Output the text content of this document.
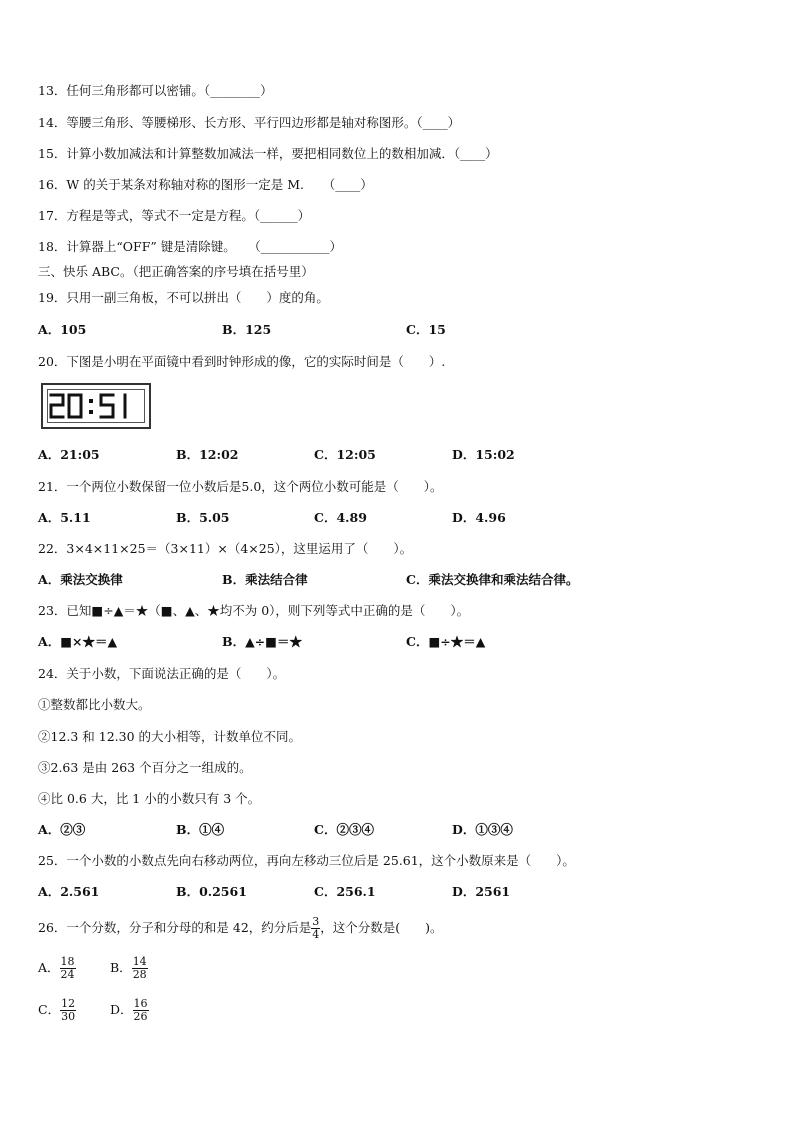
13．任何三角形都可以密铺。（________）
14．等腰三角形、等腰梯形、长方形、平行四边形都是轴对称图形。（____）
15．计算小数加减法和计算整数加减法一样，要把相同数位上的数相加减．（____）
16．W 的关于某条对称轴对称的图形一定是 M.　　（____）
17．方程是等式，等式不一定是方程。（______）
18．计算器上“OFF” 键是清除键。　　（___________）
三、快乐 ABC。（把正确答案的序号填在括号里）
19．只用一副三角板，不可以拼出（　　）度的角。
A．105	B．125	C．15
20．下图是小明在平面镜中看到时钟形成的像，它的实际时间是（　　）.
A．21:05	B．12:02	C．12:05	D．15:02
21．一个两位小数保留一位小数后是5.0，这个两位小数可能是（　　）。
A．5.11	B．5.05	C．4.89	D．4.96
22．3×4×11×25＝（3×11）×（4×25），这里运用了（　　）。
A．乘法交换律	B．乘法结合律	C．乘法交换律和乘法结合律。
23．已知■÷▲＝★（■、▲、★均不为 0），则下列等式中正确的是（　　）。
A．■×★＝▲	B．▲÷■＝★	C．■÷★＝▲
24．关于小数，下面说法正确的是（　　）。
①整数都比小数大。
②12.3 和 12.30 的大小相等，计数单位不同。
③2.63 是由 263 个百分之一组成的。
④比 0.6 大，比 1 小的小数只有 3 个。
A．②③	B．①④	C．②③④	D．①③④
25．一个小数的小数点先向右移动两位，再向左移动三位后是 25.61，这个小数原来是（　　）。
A．2.561	B．0.2561	C．256.1	D．2561
26．一个分数，分子和分母的和是 42，约分后是 $\frac{3}{4}$ ，这个分数是(　　)。
A． $\frac{18}{24}$	B． $\frac{14}{28}$
C． $\frac{12}{30}$	D． $\frac{16}{26}$
